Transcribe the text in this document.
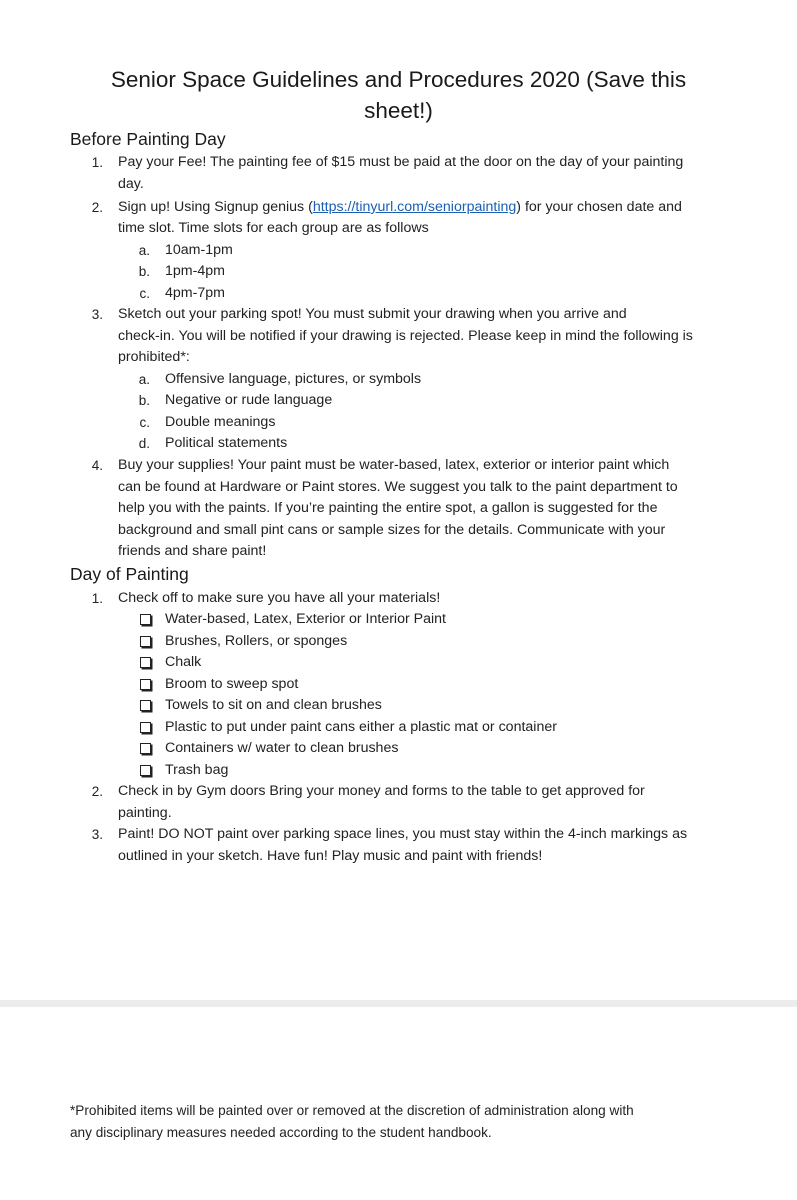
Senior Space Guidelines and Procedures 2020 (Save this
sheet!)
Before Painting Day
1. Pay your Fee! The painting fee of $15 must be paid at the door on the day of your painting
day.
2. Sign up! Using Signup genius (https://tinyurl.com/seniorpainting) for your chosen date and
time slot. Time slots for each group are as follows
a. 10am-1pm
b. 1pm-4pm
c. 4pm-7pm
3. Sketch out your parking spot! You must submit your drawing when you arrive and
check-in. You will be notified if your drawing is rejected. Please keep in mind the following is
prohibited*:
a. Offensive language, pictures, or symbols
b. Negative or rude language
c. Double meanings
d. Political statements
4. Buy your supplies! Your paint must be water-based, latex, exterior or interior paint which
can be found at Hardware or Paint stores. We suggest you talk to the paint department to
help you with the paints. If you’re painting the entire spot, a gallon is suggested for the
background and small pint cans or sample sizes for the details. Communicate with your
friends and share paint!
Day of Painting
1. Check off to make sure you have all your materials!
Water-based, Latex, Exterior or Interior Paint
Brushes, Rollers, or sponges
Chalk
Broom to sweep spot
Towels to sit on and clean brushes
Plastic to put under paint cans either a plastic mat or container
Containers w/ water to clean brushes
Trash bag
2. Check in by Gym doors Bring your money and forms to the table to get approved for
painting.
3. Paint! DO NOT paint over parking space lines, you must stay within the 4-inch markings as
outlined in your sketch. Have fun! Play music and paint with friends!
*Prohibited items will be painted over or removed at the discretion of administration along with
any disciplinary measures needed according to the student handbook.
